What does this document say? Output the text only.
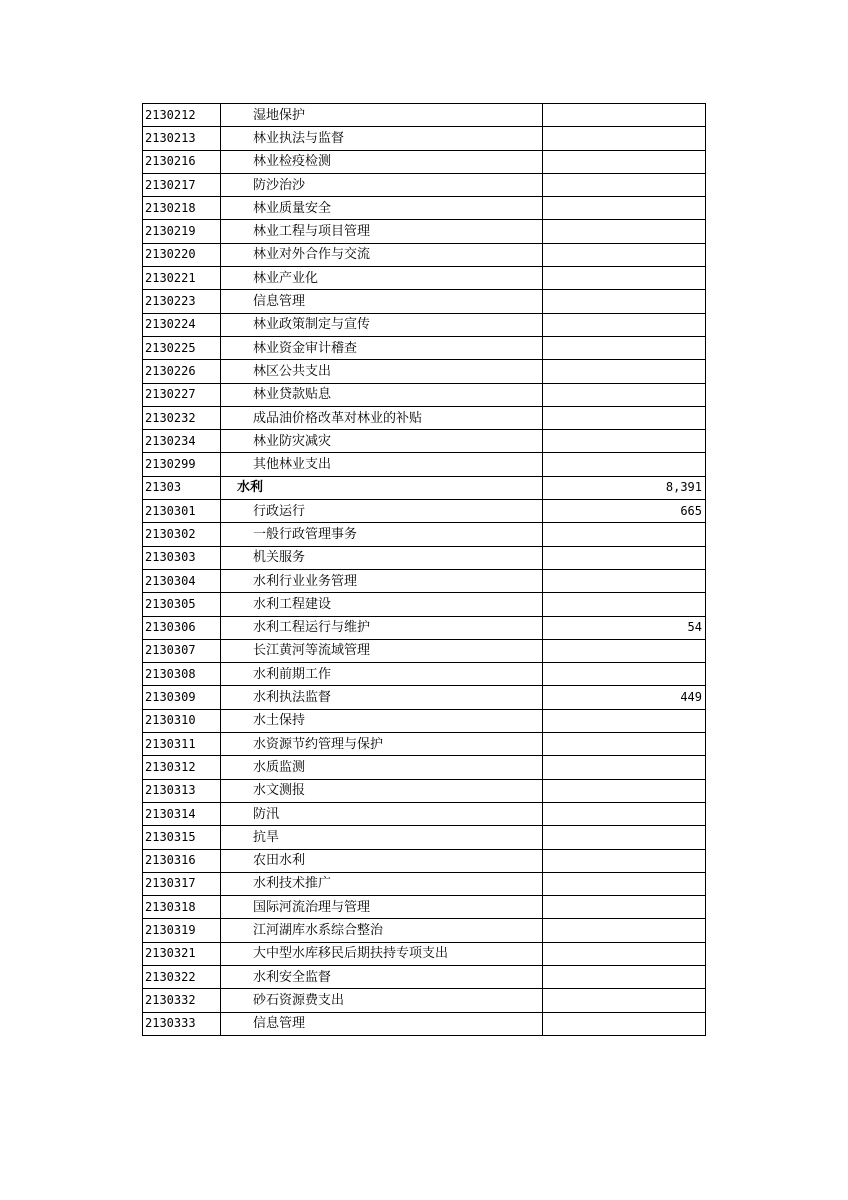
2130212	湿地保护	
2130213	林业执法与监督	
2130216	林业检疫检测	
2130217	防沙治沙	
2130218	林业质量安全	
2130219	林业工程与项目管理	
2130220	林业对外合作与交流	
2130221	林业产业化	
2130223	信息管理	
2130224	林业政策制定与宣传	
2130225	林业资金审计稽查	
2130226	林区公共支出	
2130227	林业贷款贴息	
2130232	成品油价格改革对林业的补贴	
2130234	林业防灾减灾	
2130299	其他林业支出	
21303	水利	8,391
2130301	行政运行	665
2130302	一般行政管理事务	
2130303	机关服务	
2130304	水利行业业务管理	
2130305	水利工程建设	
2130306	水利工程运行与维护	54
2130307	长江黄河等流域管理	
2130308	水利前期工作	
2130309	水利执法监督	449
2130310	水土保持	
2130311	水资源节约管理与保护	
2130312	水质监测	
2130313	水文测报	
2130314	防汛	
2130315	抗旱	
2130316	农田水利	
2130317	水利技术推广	
2130318	国际河流治理与管理	
2130319	江河湖库水系综合整治	
2130321	大中型水库移民后期扶持专项支出	
2130322	水利安全监督	
2130332	砂石资源费支出	
2130333	信息管理	
